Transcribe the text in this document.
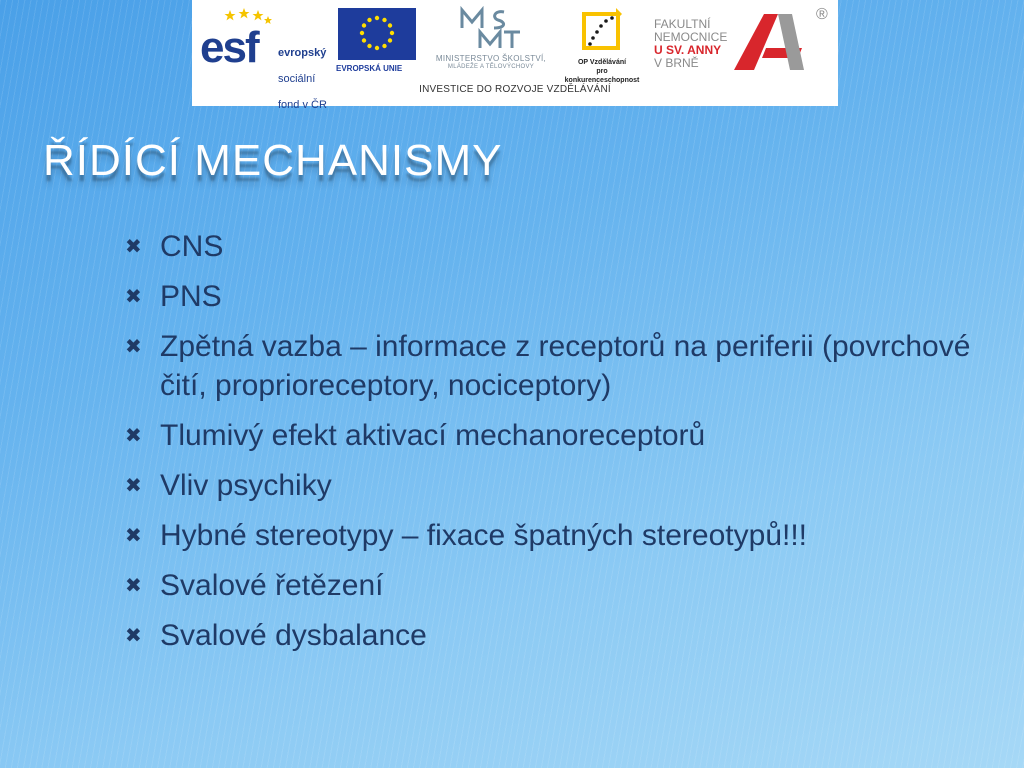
esf evropský

sociální

fond v ČR

EVROPSKÁ UNIE
MINISTERSTVO ŠKOLSTVÍ,
MLÁDEŽE A TĚLOVÝCHOVY
OP Vzdělávání
pro konkurenceschopnost
FAKULTNÍ
NEMOCNICE
U SV. ANNY
V BRNĚ
®
INVESTICE DO ROZVOJE VZDĚLÁVÁNÍ
ŘÍDÍCÍ MECHANISMY
✖ CNS
✖ PNS
✖ Zpětná vazba – informace z receptorů na periferii (povrchové čití, proprioreceptory, nociceptory)
✖ Tlumivý efekt aktivací mechanoreceptorů
✖ Vliv psychiky
✖ Hybné stereotypy – fixace špatných stereotypů!!!
✖ Svalové řetězení
✖ Svalové dysbalance
